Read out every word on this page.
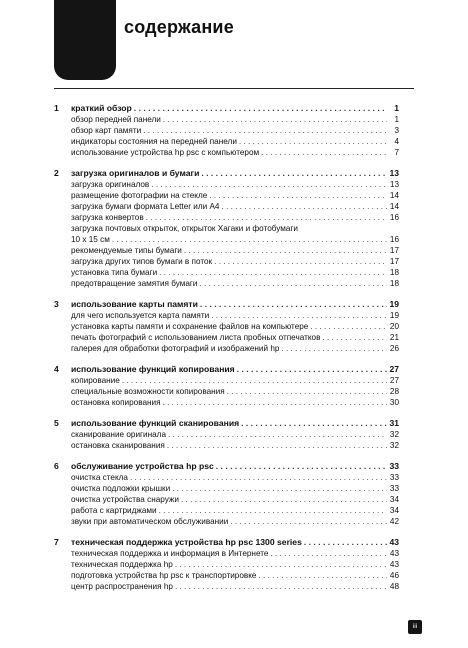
содержание
1	краткий обзор . . .	1
обзор передней панели . . .	1
обзор карт памяти . . .	3
индикаторы состояния на передней панели . . .	4
использование устройства hp psc с компьютером . . .	7
2	загрузка оригиналов и бумаги . . .	13
загрузка оригиналов . . .	13
размещение фотографии на стекле . . .	14
загрузка бумаги формата Letter или A4 . . .	14
загрузка конвертов . . .	16
загрузка почтовых открыток, открыток Хагаки и фотобумаги
10 x 15 см . . .	16
рекомендуемые типы бумаги . . .	17
загрузка других типов бумаги в поток . . .	17
установка типа бумаги . . .	18
предотвращение замятия бумаги . . .	18
3	использование карты памяти . . .	19
для чего используется карта памяти . . .	19
установка карты памяти и сохранение файлов на компьютере . . .	20
печать фотографий с использованием листа пробных отпечатков . . .	21
галерея для обработки фотографий и изображений hp . . .	26
4	использование функций копирования . . .	27
копирование . . .	27
специальные возможности копирования . . .	28
остановка копирования . . .	30
5	использование функций сканирования . . .	31
сканирование оригинала . . .	32
остановка сканирования . . .	32
6	обслуживание устройства hp psc . . .	33
очистка стекла . . .	33
очистка подложки крышки . . .	33
очистка устройства снаружи . . .	34
работа с картриджами . . .	34
звуки при автоматическом обслуживании . . .	42
7	техническая поддержка устройства hp psc 1300 series . . .	43
техническая поддержка и информация в Интернете . . .	43
техническая поддержка hp . . .	43
подготовка устройства hp psc к транспортировке . . .	46
центр распространения hp . . .	48
iii
